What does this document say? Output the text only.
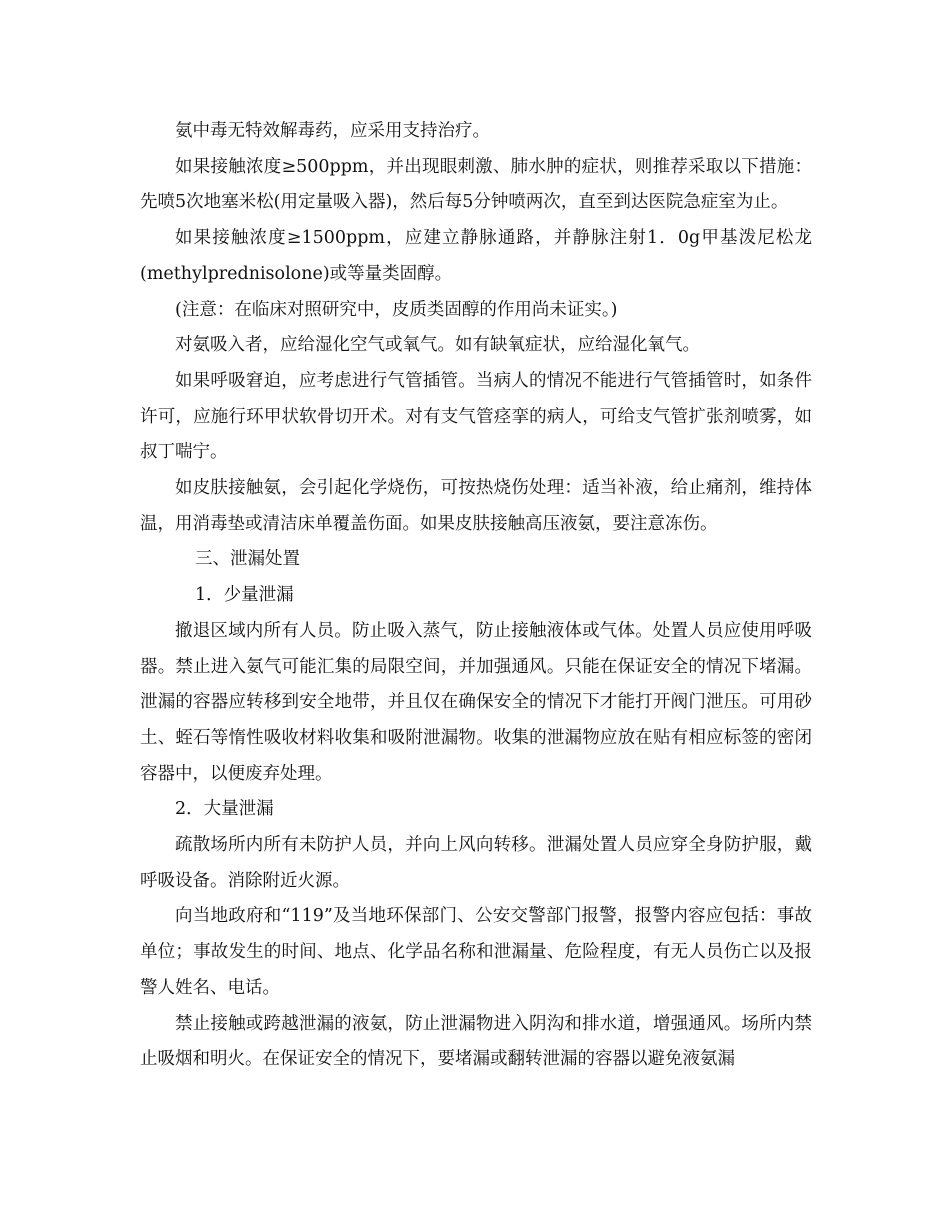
氨中毒无特效解毒药，应采用支持治疗。

如果接触浓度≥500ppm，并出现眼刺激、肺水肿的症状，则推荐采取以下措施：先喷5次地塞米松(用定量吸入器)，然后每5分钟喷两次，直至到达医院急症室为止。

如果接触浓度≥1500ppm，应建立静脉通路，并静脉注射1．0g甲基泼尼松龙(methylprednisolone)或等量类固醇。

(注意：在临床对照研究中，皮质类固醇的作用尚未证实。)

对氨吸入者，应给湿化空气或氧气。如有缺氧症状，应给湿化氧气。

如果呼吸窘迫，应考虑进行气管插管。当病人的情况不能进行气管插管时，如条件许可，应施行环甲状软骨切开术。对有支气管痉挛的病人，可给支气管扩张剂喷雾，如叔丁喘宁。

如皮肤接触氨，会引起化学烧伤，可按热烧伤处理：适当补液，给止痛剂，维持体温，用消毒垫或清洁床单覆盖伤面。如果皮肤接触高压液氨，要注意冻伤。

三、泄漏处置

1．少量泄漏

撤退区域内所有人员。防止吸入蒸气，防止接触液体或气体。处置人员应使用呼吸器。禁止进入氨气可能汇集的局限空间，并加强通风。只能在保证安全的情况下堵漏。泄漏的容器应转移到安全地带，并且仅在确保安全的情况下才能打开阀门泄压。可用砂土、蛭石等惰性吸收材料收集和吸附泄漏物。收集的泄漏物应放在贴有相应标签的密闭容器中，以便废弃处理。

2．大量泄漏

疏散场所内所有未防护人员，并向上风向转移。泄漏处置人员应穿全身防护服，戴呼吸设备。消除附近火源。

向当地政府和“119”及当地环保部门、公安交警部门报警，报警内容应包括：事故单位；事故发生的时间、地点、化学品名称和泄漏量、危险程度，有无人员伤亡以及报警人姓名、电话。

禁止接触或跨越泄漏的液氨，防止泄漏物进入阴沟和排水道，增强通风。场所内禁止吸烟和明火。在保证安全的情况下，要堵漏或翻转泄漏的容器以避免液氨漏
